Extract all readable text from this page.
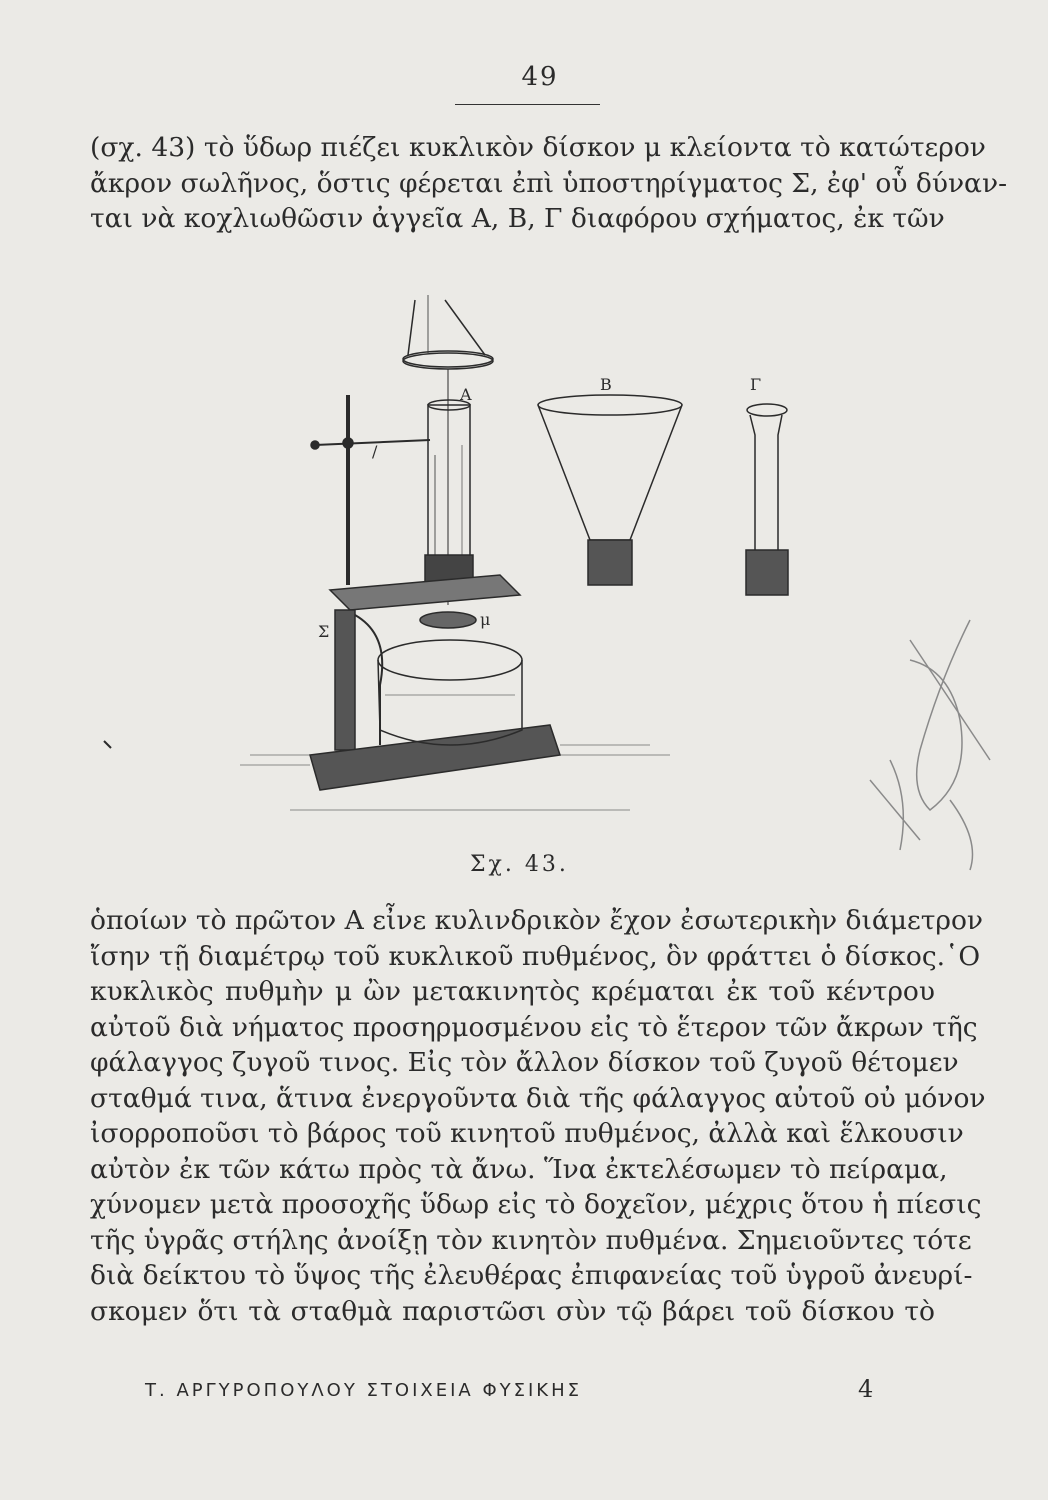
49
(σχ. 43) τὸ ὕδωρ πιέζει κυκλικὸν δίσκον μ κλείοντα τὸ κατώτερον
ἄκρον σωλῆνος, ὅστις φέρεται ἐπὶ ὑποστηρίγματος Σ, ἐφ' οὗ δύναν-
ται νὰ κοχλιωθῶσιν ἀγγεῖα Α, Β, Γ διαφόρου σχήματος, ἐκ τῶν
Α
Β	Γ
Σ
μ
/
Σχ. 43.
ὁποίων τὸ πρῶτον Α εἶνε κυλινδρικὸν ἔχον ἐσωτερικὴν διάμετρον
ἴσην τῇ διαμέτρῳ τοῦ κυκλικοῦ πυθμένος, ὃν φράττει ὁ δίσκος.῾Ο
κυκλικὸς πυθμὴν μ ὢν μετακινητὸς κρέμαται ἐκ τοῦ κέντρου
αὐτοῦ διὰ νήματος προσηρμοσμένου εἰς τὸ ἕτερον τῶν ἄκρων τῆς
φάλαγγος ζυγοῦ τινος. Εἰς τὸν ἄλλον δίσκον τοῦ ζυγοῦ θέτομεν
σταθμά τινα, ἅτινα ἐνεργοῦντα διὰ τῆς φάλαγγος αὐτοῦ οὐ μόνον
ἰσορροποῦσι τὸ βάρος τοῦ κινητοῦ πυθμένος, ἀλλὰ καὶ ἕλκουσιν
αὐτὸν ἐκ τῶν κάτω πρὸς τὰ ἄνω. Ἵνα ἐκτελέσωμεν τὸ πείραμα,
χύνομεν μετὰ προσοχῆς ὕδωρ εἰς τὸ δοχεῖον, μέχρις ὅτου ἡ πίεσις
τῆς ὑγρᾶς στήλης ἀνοίξῃ τὸν κινητὸν πυθμένα. Σημειοῦντες τότε
διὰ δείκτου τὸ ὕψος τῆς ἐλευθέρας ἐπιφανείας τοῦ ὑγροῦ ἀνευρί-
σκομεν ὅτι τὰ σταθμὰ παριστῶσι σὺν τῷ βάρει τοῦ δίσκου τὸ
Τ. ΑΡΓΥΡΟΠΟΥΛΟΥ ΣΤΟΙΧΕΙΑ ΦΥΣΙΚΗΣ	4
